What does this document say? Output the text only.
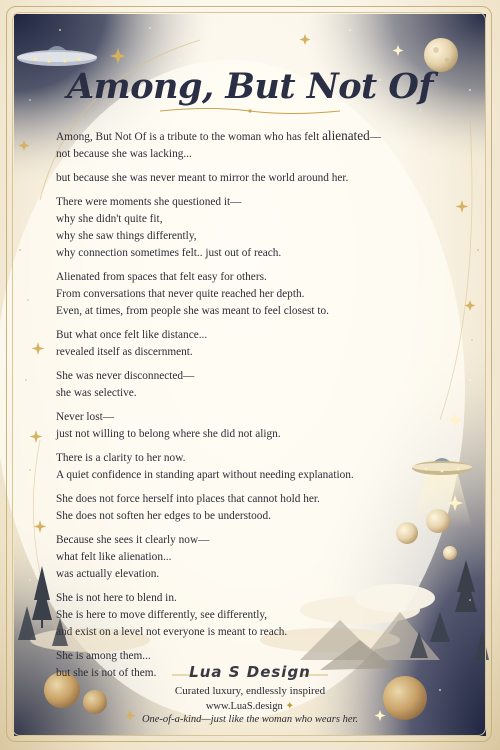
Among, But Not Of

Among, But Not Of is a tribute to the woman who has felt alienated—
not because she was lacking...

but because she was never meant to mirror the world around her.

There were moments she questioned it—
why she didn't quite fit,
why she saw things differently,
why connection sometimes felt.. just out of reach.

Alienated from spaces that felt easy for others.
From conversations that never quite reached her depth.
Even, at times, from people she was meant to feel closest to.

But what once felt like distance...
revealed itself as discernment.

She was never disconnected—
she was selective.

Never lost—
just not willing to belong where she did not align.

There is a clarity to her now.
A quiet confidence in standing apart without needing explanation.

She does not force herself into places that cannot hold her.
She does not soften her edges to be understood.

Because she sees it clearly now—
what felt like alienation...
was actually elevation.

She is not here to blend in.
She is here to move differently, see differently,
and exist on a level not everyone is meant to reach.

She is among them...
but she is not of them.	Lua S Design
Curated luxury, endlessly inspired
www.LuaS.design ✦
One-of-a-kind—just like the woman who wears her.
